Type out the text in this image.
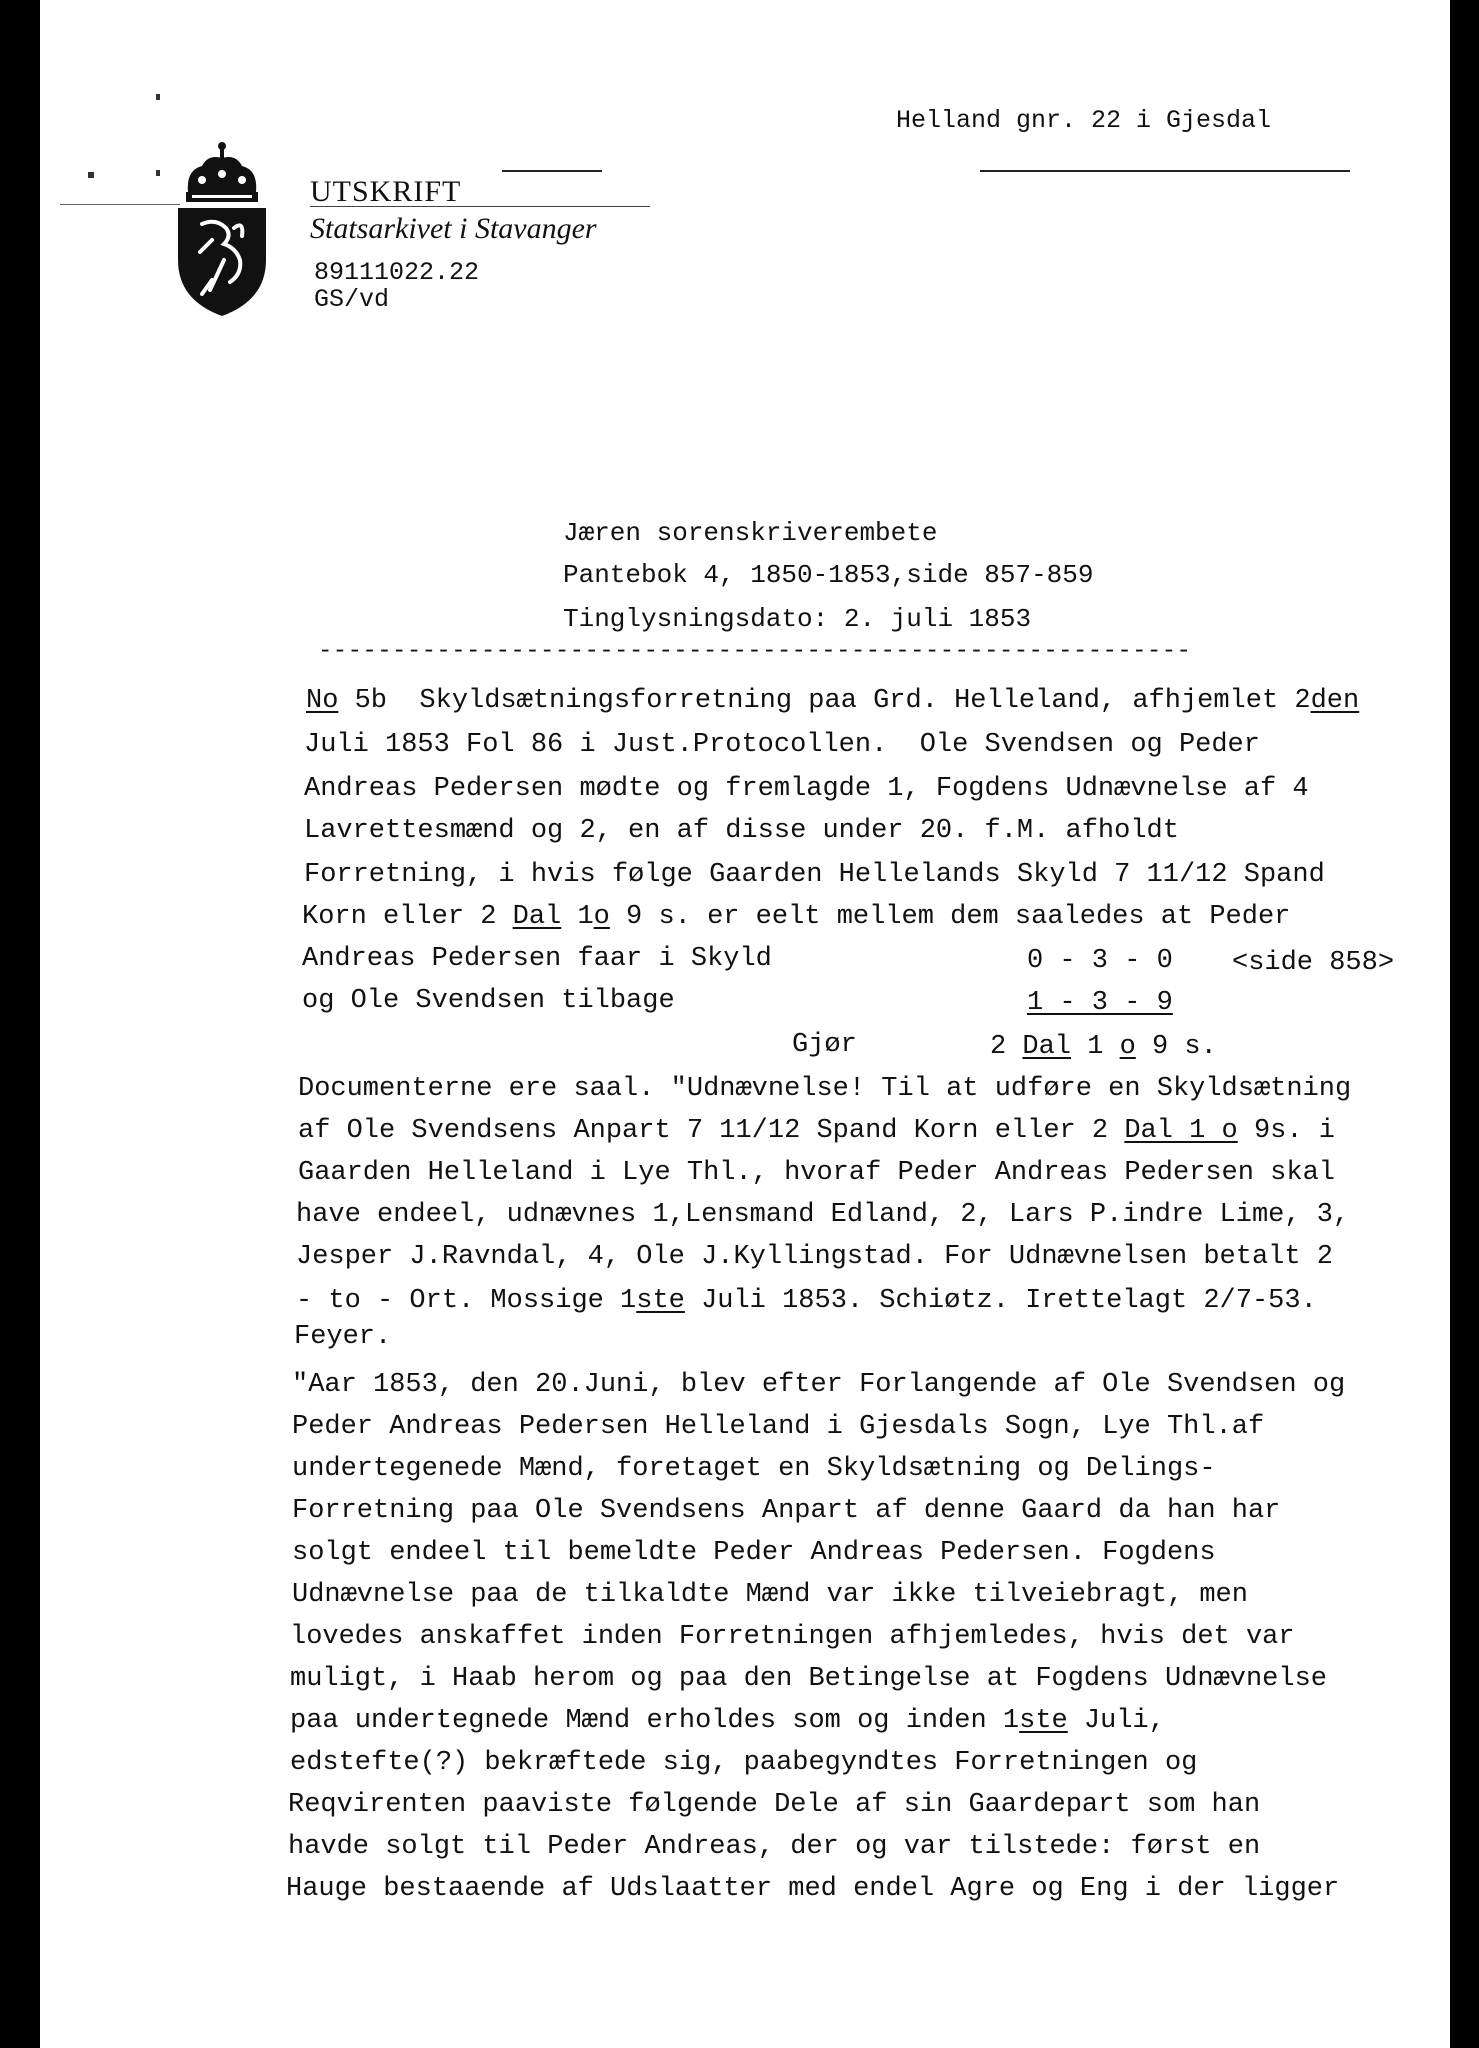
Helland gnr. 22 i Gjesdal
UTSKRIFT
Statsarkivet i Stavanger
89111022.22
GS/vd
Jæren sorenskriverembete
Pantebok 4, 1850-1853,side 857-859
Tinglysningsdato: 2. juli 1853
-----------------------------------------------------------
No 5b  Skyldsætningsforretning paa Grd. Helleland, afhjemlet 2den
Juli 1853 Fol 86 i Just.Protocollen.  Ole Svendsen og Peder
Andreas Pedersen mødte og fremlagde 1, Fogdens Udnævnelse af 4
Lavrettesmænd og 2, en af disse under 20. f.M. afholdt
Forretning, i hvis følge Gaarden Hellelands Skyld 7 11/12 Spand
Korn eller 2 Dal 1o 9 s. er eelt mellem dem saaledes at Peder
Andreas Pedersen faar i Skyld	0 - 3 - 0 <side 858>
og Ole Svendsen tilbage	1 - 3 - 9
Gjør	2 Dal 1 o 9 s.
Documenterne ere saal. "Udnævnelse! Til at udføre en Skyldsætning
af Ole Svendsens Anpart 7 11/12 Spand Korn eller 2 Dal 1 o 9s. i
Gaarden Helleland i Lye Thl., hvoraf Peder Andreas Pedersen skal
have endeel, udnævnes 1,Lensmand Edland, 2, Lars P.indre Lime, 3,
Jesper J.Ravndal, 4, Ole J.Kyllingstad. For Udnævnelsen betalt 2
- to - Ort. Mossige 1ste Juli 1853. Schiøtz. Irettelagt 2/7-53.
Feyer.
"Aar 1853, den 20.Juni, blev efter Forlangende af Ole Svendsen og
Peder Andreas Pedersen Helleland i Gjesdals Sogn, Lye Thl.af
undertegenede Mænd, foretaget en Skyldsætning og Delings-
Forretning paa Ole Svendsens Anpart af denne Gaard da han har
solgt endeel til bemeldte Peder Andreas Pedersen. Fogdens
Udnævnelse paa de tilkaldte Mænd var ikke tilveiebragt, men
lovedes anskaffet inden Forretningen afhjemledes, hvis det var
muligt, i Haab herom og paa den Betingelse at Fogdens Udnævnelse
paa undertegnede Mænd erholdes som og inden 1ste Juli,
edstefte(?) bekræftede sig, paabegyndtes Forretningen og
Reqvirenten paaviste følgende Dele af sin Gaardepart som han
havde solgt til Peder Andreas, der og var tilstede: først en
Hauge bestaaende af Udslaatter med endel Agre og Eng i der ligger
